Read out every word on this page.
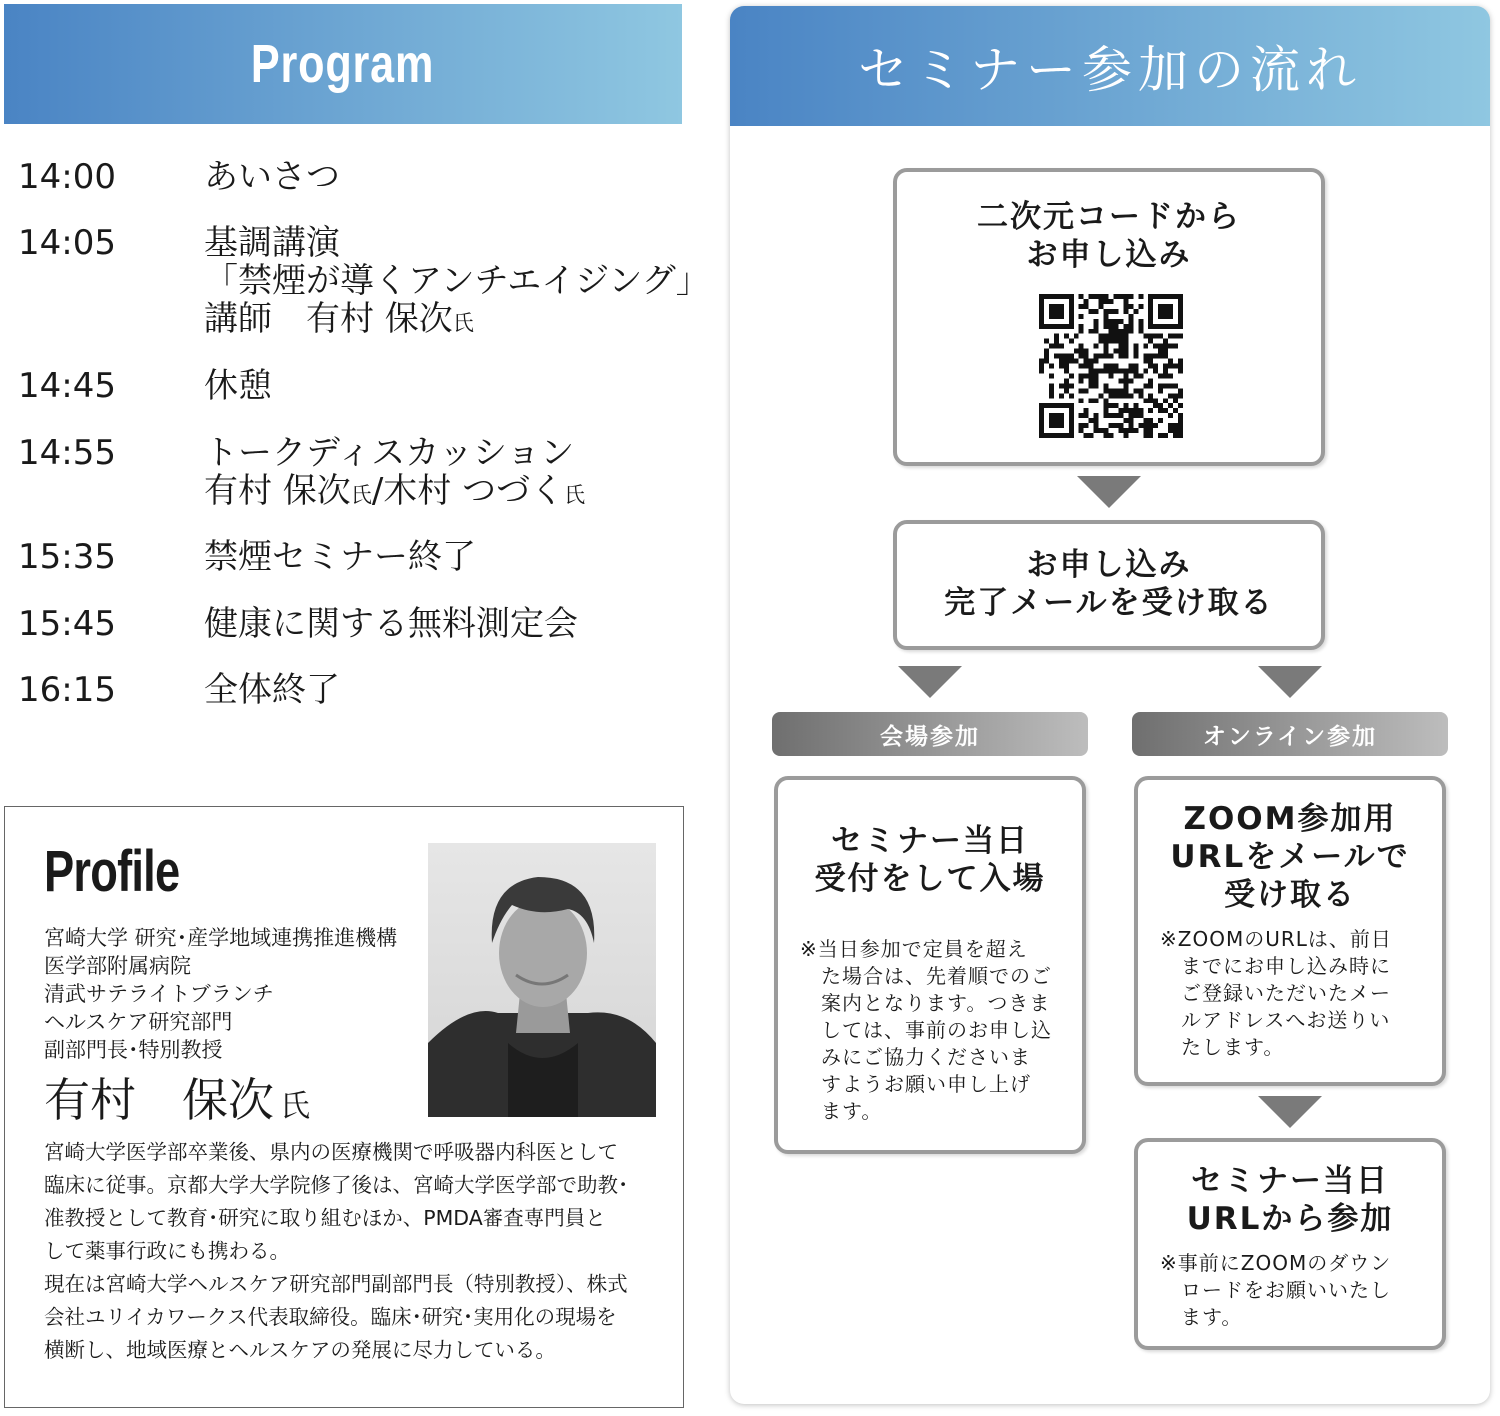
Program
14:00	あいさつ
14:05	基調講演
「禁煙が導くアンチエイジング」
講師　有村 保次氏
14:45	休憩
14:55	トークディスカッション
有村 保次氏/木村 つづく氏
15:35	禁煙セミナー終了
15:45	健康に関する無料測定会
16:15	全体終了
Profile
宮崎大学 研究･産学地域連携推進機構
医学部附属病院
清武サテライトブランチ
ヘルスケア研究部門
副部門長･特別教授
有村　保次 氏
宮崎大学医学部卒業後、県内の医療機関で呼吸器内科医として
臨床に従事。京都大学大学院修了後は、宮崎大学医学部で助教･
准教授として教育･研究に取り組むほか、PMDA審査専門員と
して薬事行政にも携わる。
現在は宮崎大学ヘルスケア研究部門副部門長（特別教授）、株式
会社ユリイカワークス代表取締役。臨床･研究･実用化の現場を
横断し、地域医療とヘルスケアの発展に尽力している。
セミナー参加の流れ
二次元コードから
お申し込み
お申し込み
完了メールを受け取る
会場参加	オンライン参加
セミナー当日
受付をして入場
※当日参加で定員を超え
　た場合は、先着順でのご
　案内となります。つきま
　しては、事前のお申し込
　みにご協力くださいま
　すようお願い申し上げ
　ます。
ZOOM参加用
URLをメールで
受け取る
※ZOOMのURLは、前日
　までにお申し込み時に
　ご登録いただいたメー
　ルアドレスへお送りい
　たします。
セミナー当日
URLから参加
※事前にZOOMのダウン
　ロードをお願いいたし
　ます。
